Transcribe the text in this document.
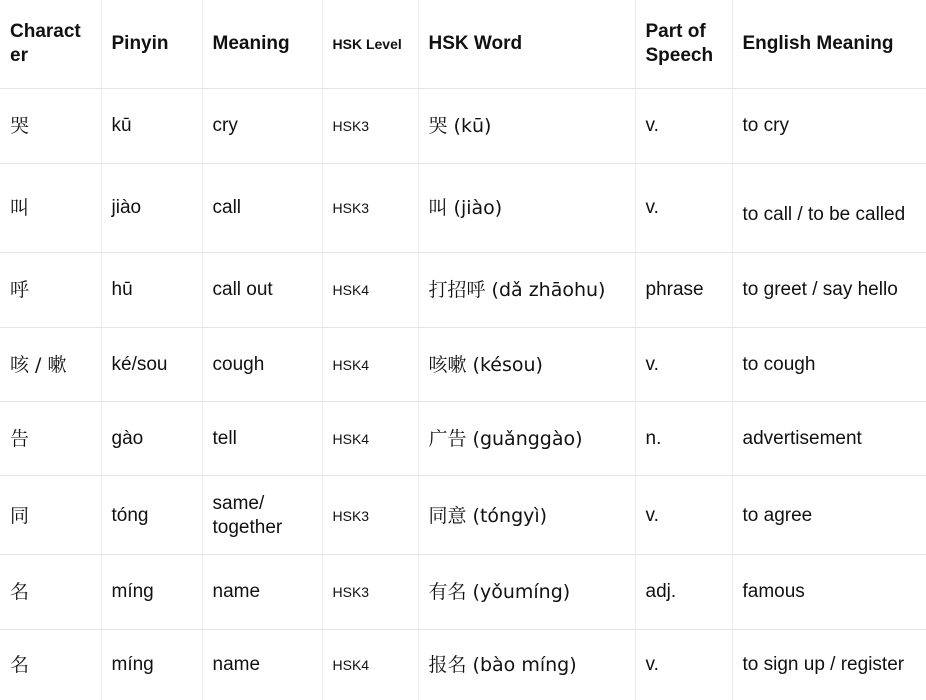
Character	Pinyin	Meaning	HSK Level	HSK Word	Part of Speech	English Meaning
哭	kū	cry	HSK3	哭 (kū)	v.	to cry
叫	jiào	call	HSK3	叫 (jiào)	v.	to call / to be called
呼	hū	call out	HSK4	打招呼 (dǎ zhāohu)	phrase	to greet / say hello
咳 / 嗽	ké/sou	cough	HSK4	咳嗽 (késou)	v.	to cough
告	gào	tell	HSK4	广告 (guǎnggào)	n.	advertisement
同	tóng	same/ together	HSK3	同意 (tóngyì)	v.	to agree
名	míng	name	HSK3	有名 (yǒumíng)	adj.	famous
名	míng	name	HSK4	报名 (bào míng)	v.	to sign up / register
